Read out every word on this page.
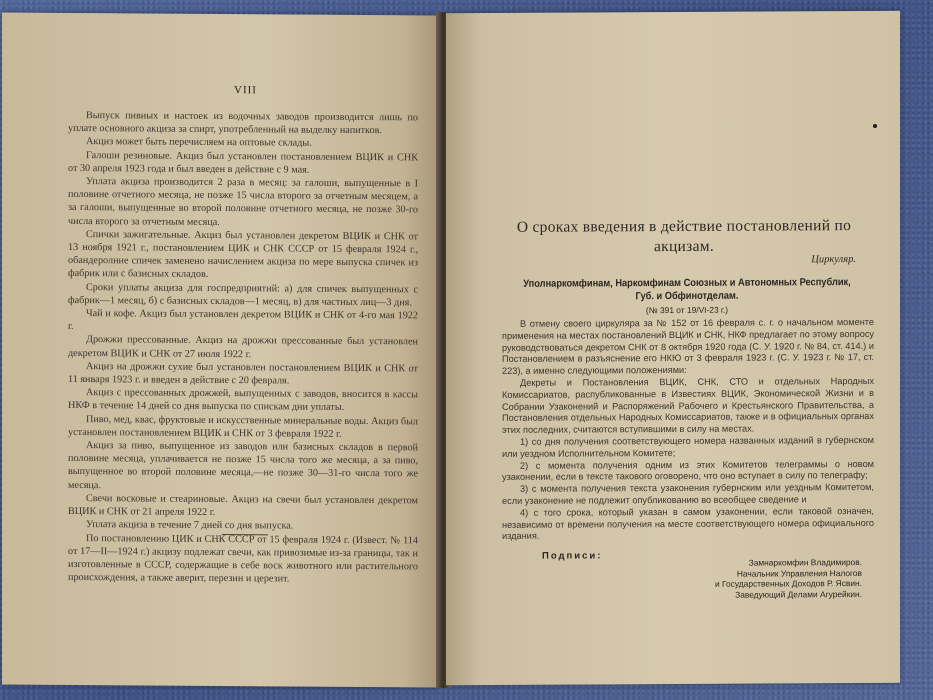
VIII

Выпуск пивных и настоек из водочных заводов производится лишь по уплате основного акциза за спирт, употребленный на выделку напитков.

Акциз может быть перечисляем на оптовые склады.

Галоши резиновые. Акциз был установлен постановлением ВЦИК и СНК от 30 апреля 1923 года и был введен в действие с 9 мая.

Уплата акциза производится 2 раза в месяц: за галоши, выпущенные в I половине отчетного месяца, не позже 15 числа второго за отчетным месяцем, а за галоши, выпущенные во второй половине отчетного месяца, не позже 30-го числа второго за отчетным месяца.

Спички зажигательные. Акциз был установлен декретом ВЦИК и СНК от 13 ноября 1921 г., постановлением ЦИК и СНК СССР от 15 февраля 1924 г., обандеролние спичек заменено начислением акциза по мере выпуска спичек из фабрик или с базисных складов.

Сроки уплаты акциза для госпредприятий: а) для спичек выпущенных с фабрик—1 месяц, б) с базисных складов—1 месяц, в) для частных лиц—3 дня.

Чай и кофе. Акциз был установлен декретом ВЦИК и СНК от 4-го мая 1922 г.

Дрожжи прессованные. Акциз на дрожжи прессованные был установлен декретом ВЦИК и СНК от 27 июля 1922 г.

Акциз на дрожжи сухие был установлен постановлением ВЦИК и СНК от 11 января 1923 г. и введен в действие с 20 февраля.

Акциз с прессованных дрожжей, выпущенных с заводов, вносится в кассы НКФ в течение 14 дней со дня выпуска по спискам дни уплаты.

Пиво, мед, квас, фруктовые и искусственные минеральные воды. Акциз был установлен постановлением ВЦИК и СНК от 3 февраля 1922 г.

Акциз за пиво, выпущенное из заводов или базисных складов в первой половине месяца, уплачивается не позже 15 числа того же месяца, а за пиво, выпущенное во второй половине месяца,—не позже 30—31-го числа того же месяца.

Свечи восковые и стеариновые. Акциз на свечи был установлен декретом ВЦИК и СНК от 21 апреля 1922 г.

Уплата акциза в течение 7 дней со дня выпуска.

По постановлению ЦИК и СНК СССР от 15 февраля 1924 г. (Извест. № 114 от 17—II—1924 г.) акцизу подлежат свечи, как привозимые из-за границы, так и изготовленные в СССР, содержащие в себе воск животного или растительного происхождения, а также аверит, перезин и церезит.

О сроках введения в действие постановлений по акцизам.
Циркуляр.
Уполнаркомфинам, Наркомфинам Союзных и Автономных Республик, Губ. и Обфинотделам.
(№ 391 от 19/VI-23 г.)

В отмену своего циркуляра за № 152 от 16 февраля с. г. о начальном моменте применения на местах постановлений ВЦИК и СНК, НКФ предлагает по этому вопросу руководствоваться декретом СНК от 8 октября 1920 года (С. У. 1920 г. № 84, ст. 414.) и Постановлением в разъяснение его НКЮ от 3 февраля 1923 г. (С. У. 1923 г. № 17, ст. 223), а именно следующими положениями:

Декреты и Постановления ВЦИК, СНК, СТО и отдельных Народных Комиссариатов, распубликованные в Известиях ВЦИК, Экономической Жизни и в Собрании Узаконений и Распоряжений Рабочего и Крестьянского Правительства, а Постановления отдельных Народных Комиссариатов, также и в официальных органах этих последних, считаются вступившими в силу на местах.

1) со дня получения соответствующего номера названных изданий в губернском или уездном Исполнительном Комитете;

2) с момента получения одним из этих Комитетов телеграммы о новом узаконении, если в тексте такового оговорено, что оно вступает в силу по телеграфу;

3) с момента получения текста узаконения губернским или уездным Комитетом, если узаконение не подлежит опубликованию во всеобщее сведение и

4) с того срока, который указан в самом узаконении, если таковой означен, независимо от времени получения на месте соответствующего номера официального издания.

Подписи:
Замнаркомфин Владимиров.
Начальник Управления Налогов
и Государственных Доходов Р. Ясвин.
Заведующий Делами Агурейкин.
